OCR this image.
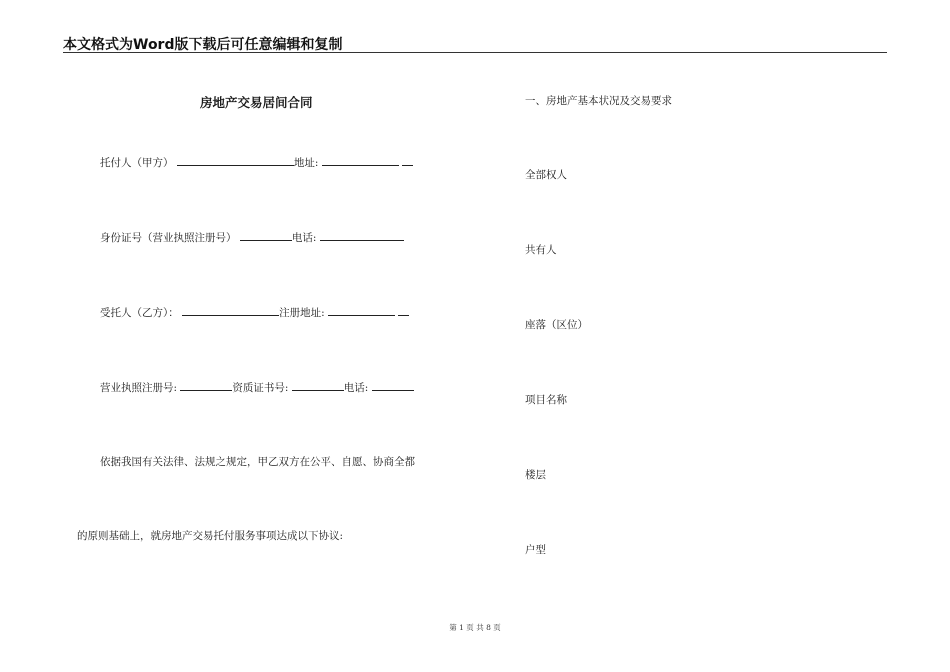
本文格式为Word版下载后可任意编辑和复制
房地产交易居间合同
托付人（甲方）	地址:
身份证号（营业执照注册号）	电话:
受托人（乙方）：	注册地址:
营业执照注册号:	资质证书号:	电话:
依据我国有关法律、法规之规定，甲乙双方在公平、自愿、协商全都
的原则基础上，就房地产交易托付服务事项达成以下协议:
一、房地产基本状况及交易要求
全部权人
共有人
座落（区位）
项目名称
楼层
户型
第 1 页 共 8 页
